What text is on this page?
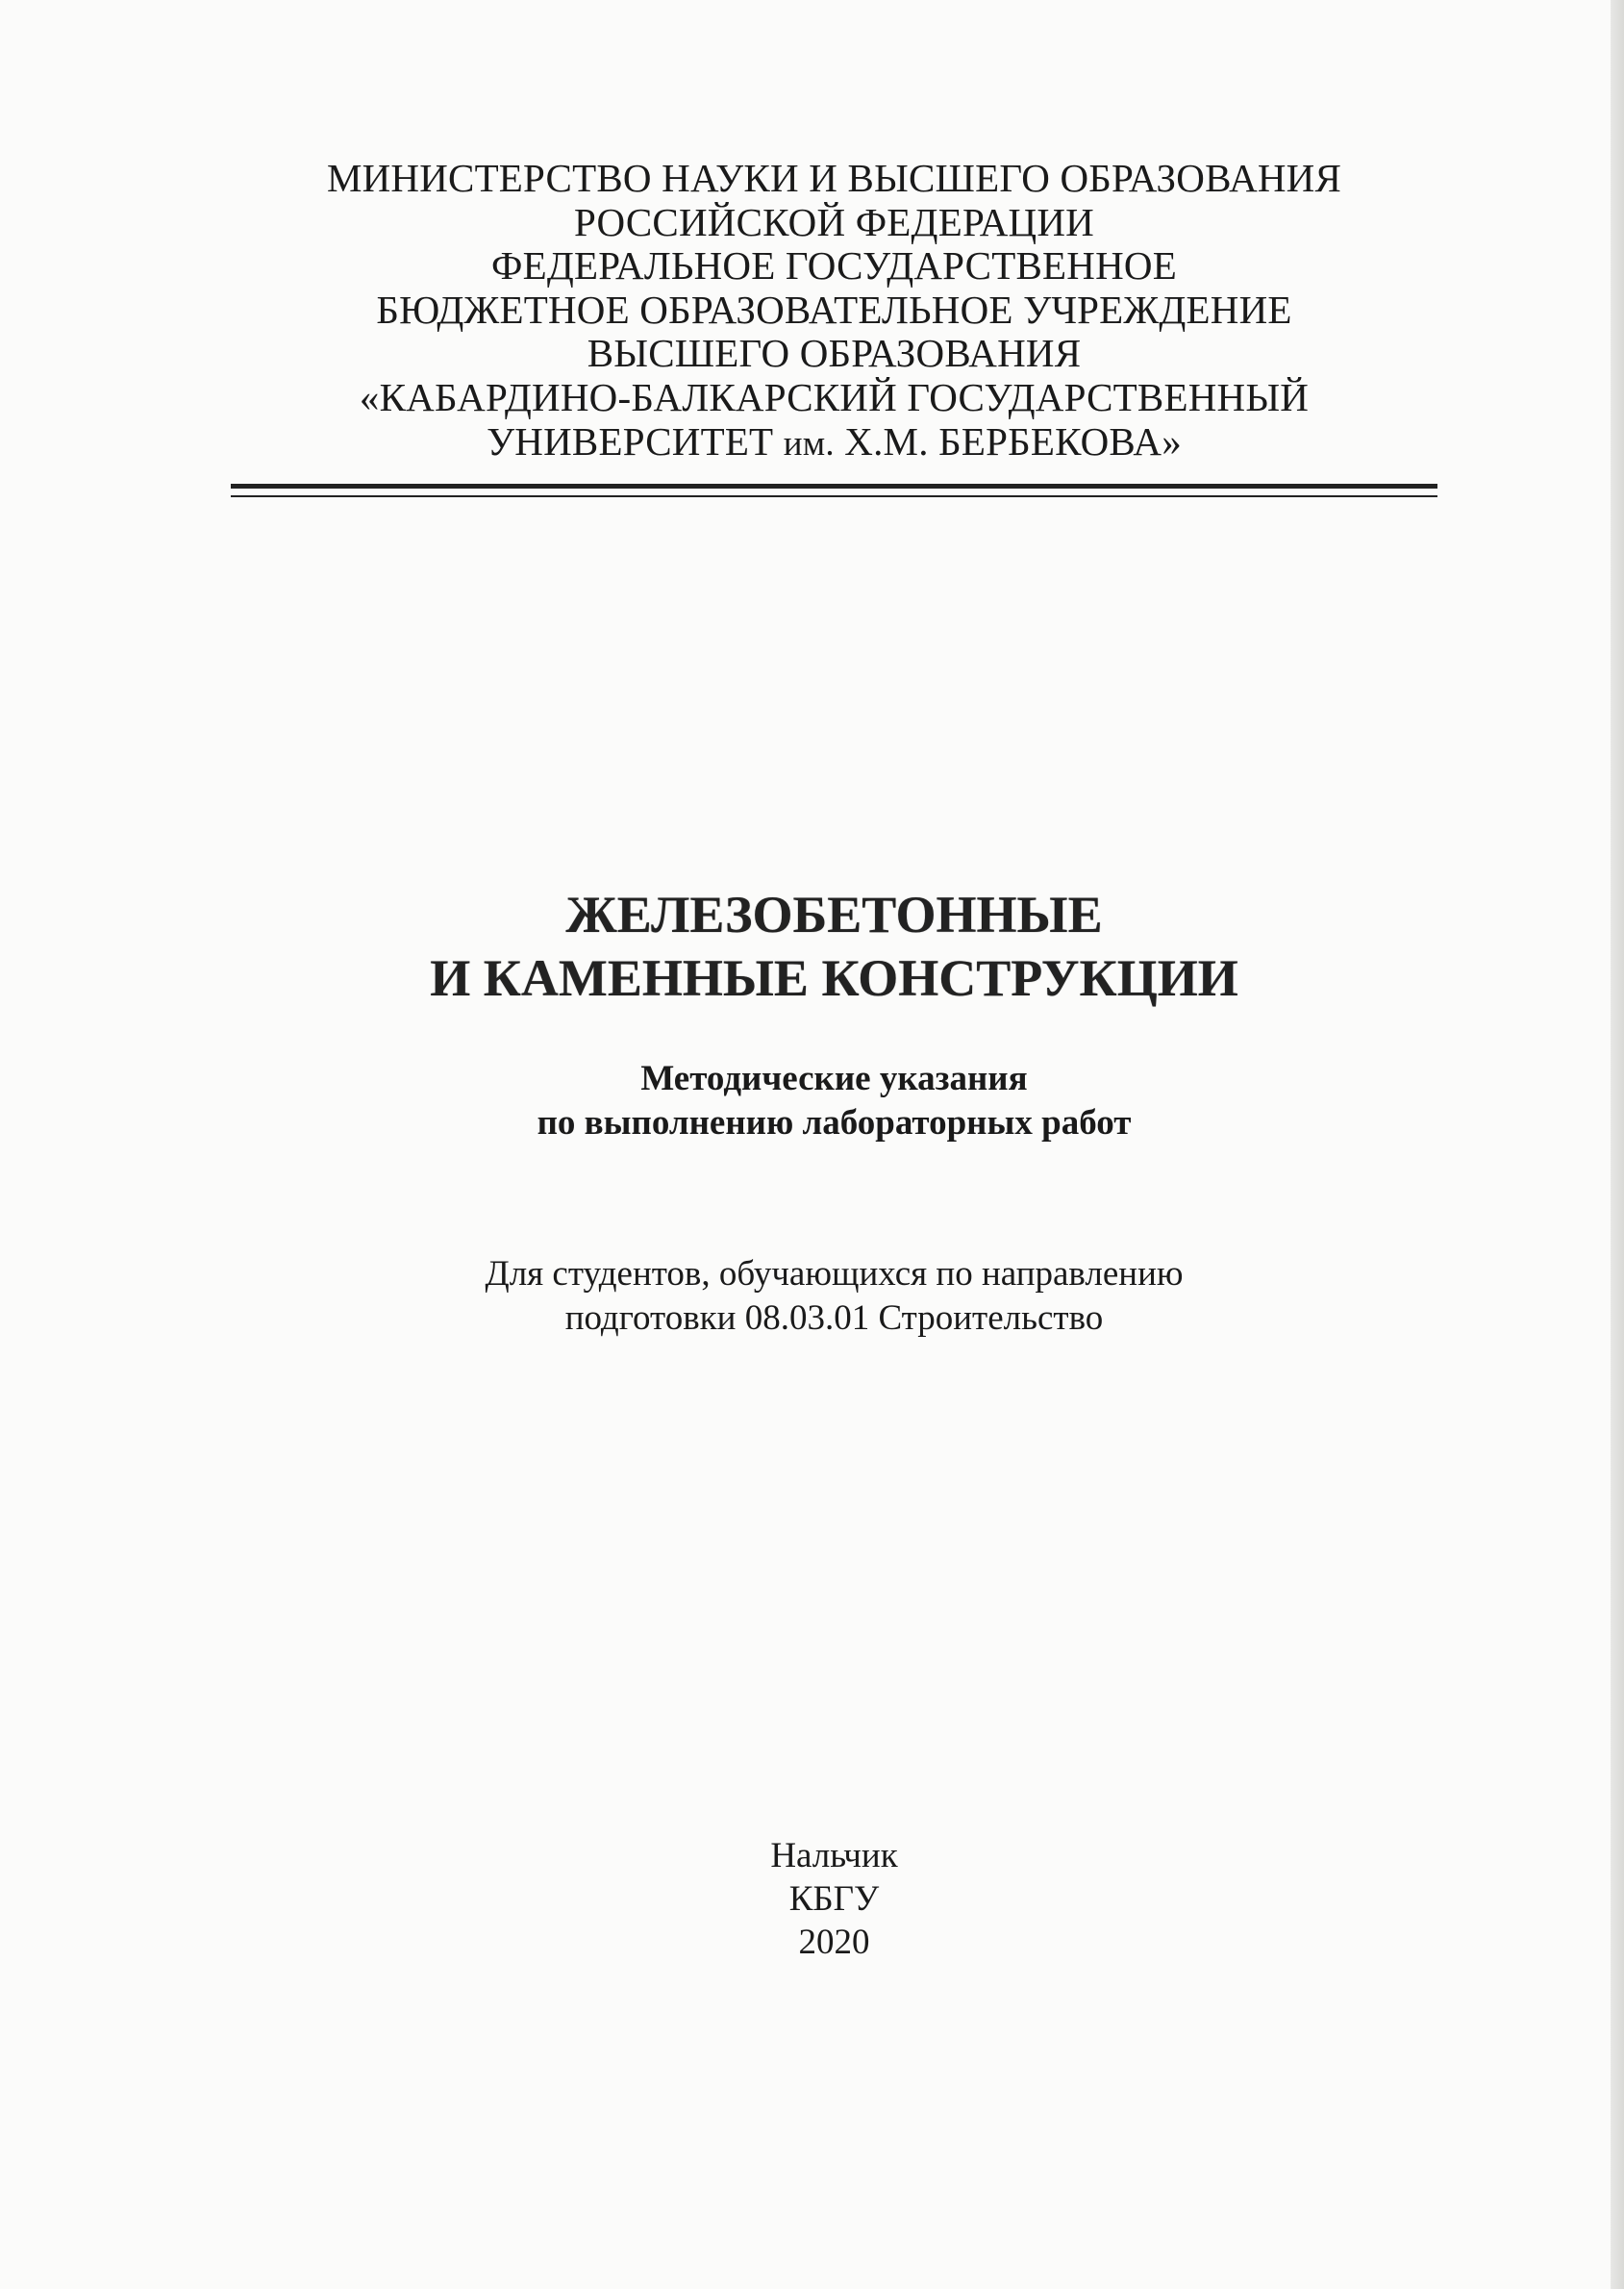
МИНИСТЕРСТВО НАУКИ И ВЫСШЕГО ОБРАЗОВАНИЯ
РОССИЙСКОЙ ФЕДЕРАЦИИ
ФЕДЕРАЛЬНОЕ ГОСУДАРСТВЕННОЕ
БЮДЖЕТНОЕ ОБРАЗОВАТЕЛЬНОЕ УЧРЕЖДЕНИЕ
ВЫСШЕГО ОБРАЗОВАНИЯ
«КАБАРДИНО-БАЛКАРСКИЙ ГОСУДАРСТВЕННЫЙ
УНИВЕРСИТЕТ им. Х.М. БЕРБЕКОВА»
ЖЕЛЕЗОБЕТОННЫЕ
И КАМЕННЫЕ КОНСТРУКЦИИ
Методические указания
по выполнению лабораторных работ
Для студентов, обучающихся по направлению
подготовки 08.03.01 Строительство
Нальчик
КБГУ
2020
